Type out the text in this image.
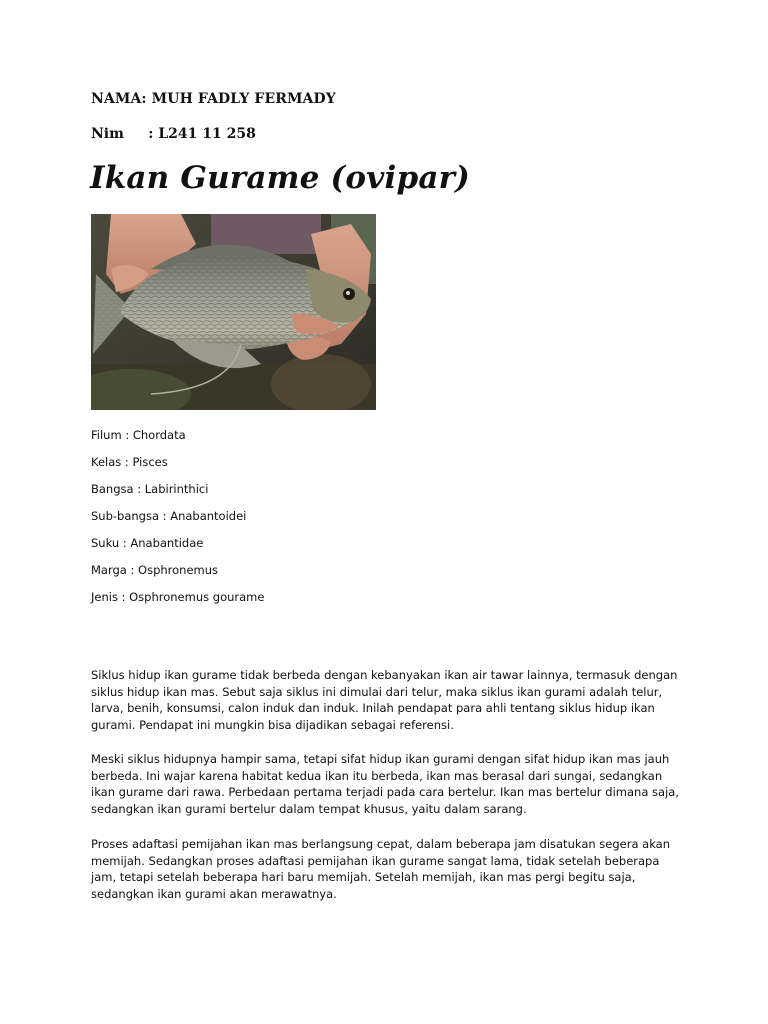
NAMA: MUH FADLY FERMADY
Nim     : L241 11 258
Ikan Gurame (ovipar)
Filum : Chordata
Kelas : Pisces
Bangsa : Labirinthici
Sub-bangsa : Anabantoidei
Suku : Anabantidae
Marga : Osphronemus
Jenis : Osphronemus gourame
Siklus hidup ikan gurame tidak berbeda dengan kebanyakan ikan air tawar lainnya, termasuk dengan
siklus hidup ikan mas. Sebut saja siklus ini dimulai dari telur, maka siklus ikan gurami adalah telur,
larva, benih, konsumsi, calon induk dan induk. Inilah pendapat para ahli tentang siklus hidup ikan
gurami. Pendapat ini mungkin bisa dijadikan sebagai referensi.
Meski siklus hidupnya hampir sama, tetapi sifat hidup ikan gurami dengan sifat hidup ikan mas jauh
berbeda. Ini wajar karena habitat kedua ikan itu berbeda, ikan mas berasal dari sungai, sedangkan
ikan gurame dari rawa. Perbedaan pertama terjadi pada cara bertelur. Ikan mas bertelur dimana saja,
sedangkan ikan gurami bertelur dalam tempat khusus, yaitu dalam sarang.
Proses adaftasi pemijahan ikan mas berlangsung cepat, dalam beberapa jam disatukan segera akan
memijah. Sedangkan proses adaftasi pemijahan ikan gurame sangat lama, tidak setelah beberapa
jam, tetapi setelah beberapa hari baru memijah. Setelah memijah, ikan mas pergi begitu saja,
sedangkan ikan gurami akan merawatnya.
